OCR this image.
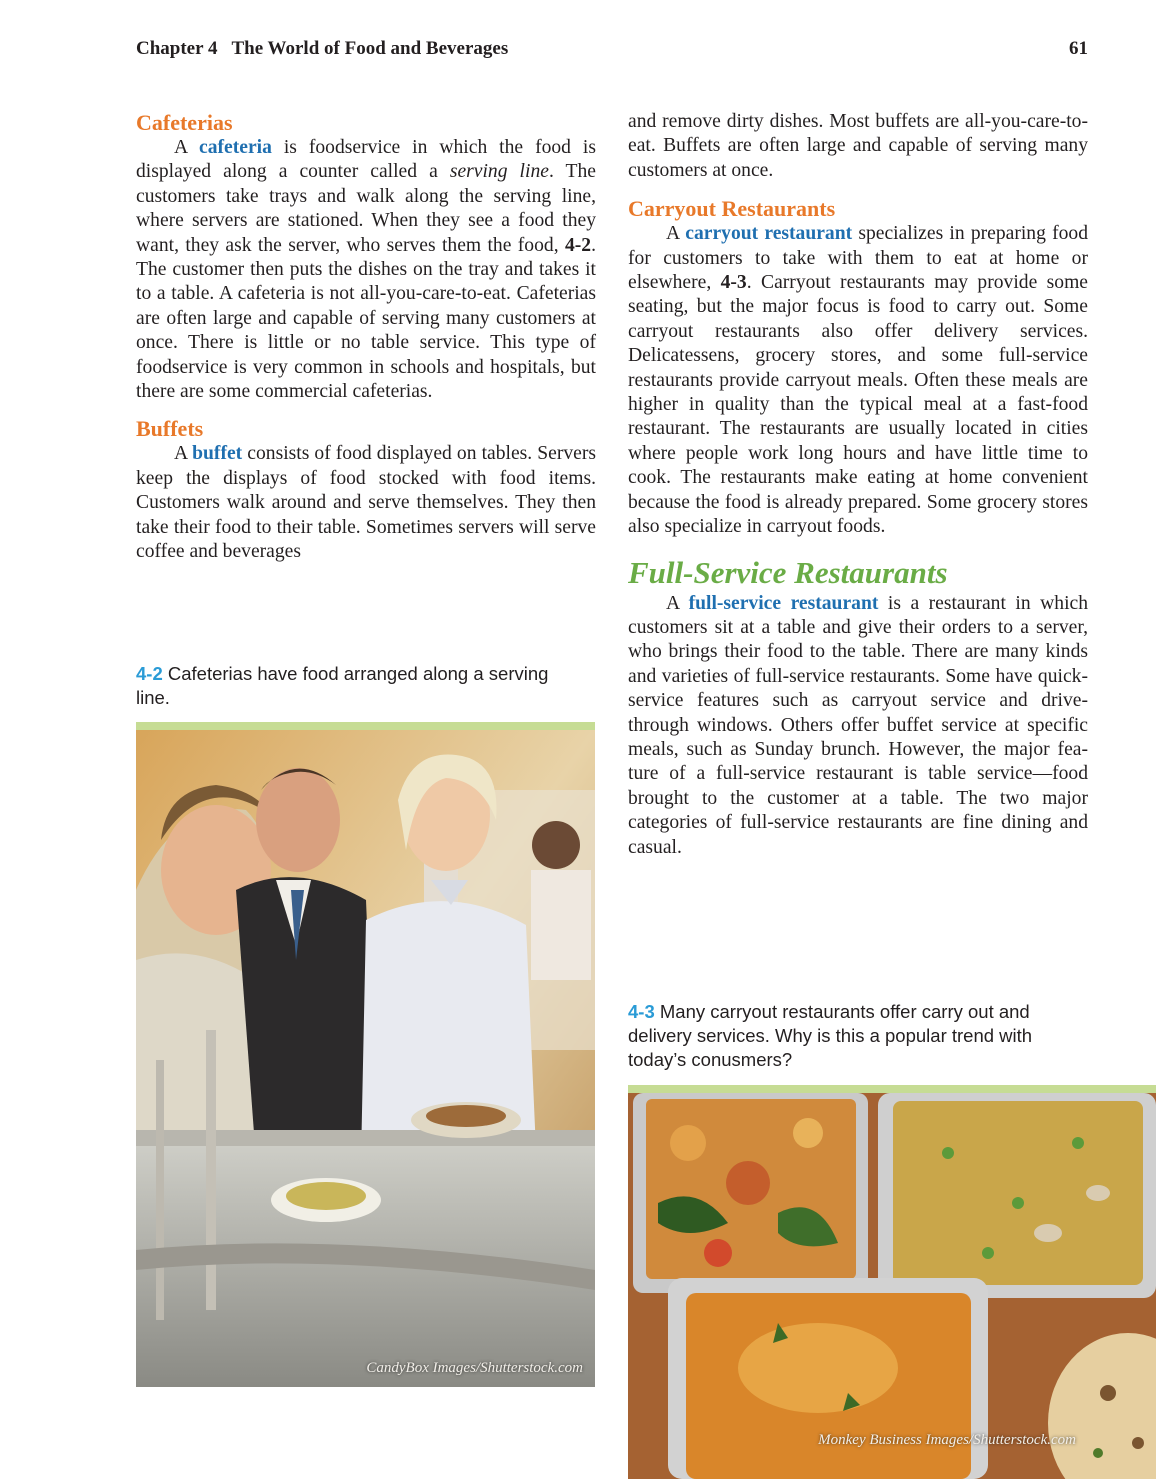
Chapter 4 The World of Food and Beverages	61
Cafeterias

A cafeteria is foodservice in which the food is displayed along a counter called a serving line. The customers take trays and walk along the serving line, where servers are stationed. When they see a food they want, they ask the server, who serves them the food, 4-2. The customer then puts the dishes on the tray and takes it to a table. A cafeteria is not all-you-care-to-eat. Cafeterias are often large and capable of serving many customers at once. There is little or no table service. This type of foodservice is very common in schools and hospitals, but there are some commercial cafeterias.

Buffets

A buffet consists of food displayed on tables. Servers keep the displays of food stocked with food items. Customers walk around and serve themselves. They then take their food to their table. Sometimes servers will serve coffee and beverages

4-2 Cafeterias have food arranged along a serving line.
CandyBox Images/Shutterstock.com

and remove dirty dishes. Most buffets are all-you-care-to-eat. Buffets are often large and capable of serving many customers at once.

Carryout Restaurants

A carryout restaurant specializes in preparing food for customers to take with them to eat at home or elsewhere, 4-3. Carryout restaurants may provide some seating, but the major focus is food to carry out. Some carryout restaurants also offer delivery services. Delicatessens, grocery stores, and some full-service restaurants provide carryout meals. Often these meals are higher in quality than the typical meal at a fast-food restaurant. The restaurants are usually located in cities where people work long hours and have little time to cook. The restaurants make eating at home convenient because the food is already prepared. Some grocery stores also specialize in carryout foods.

Full-Service Restaurants

A full-service restaurant is a restaurant in which customers sit at a table and give their orders to a server, who brings their food to the table. There are many kinds and varieties of full-service restaurants. Some have quick-service features such as carryout service and drive-through windows. Others offer buffet service at specific meals, such as Sunday brunch. However, the major feature of a full-service restaurant is table service—food brought to the customer at a table. The two major categories of full-service restaurants are fine dining and casual.

4-3 Many carryout restaurants offer carry out and delivery services. Why is this a popular trend with today’s conusmers?
Monkey Business Images/Shutterstock.com
